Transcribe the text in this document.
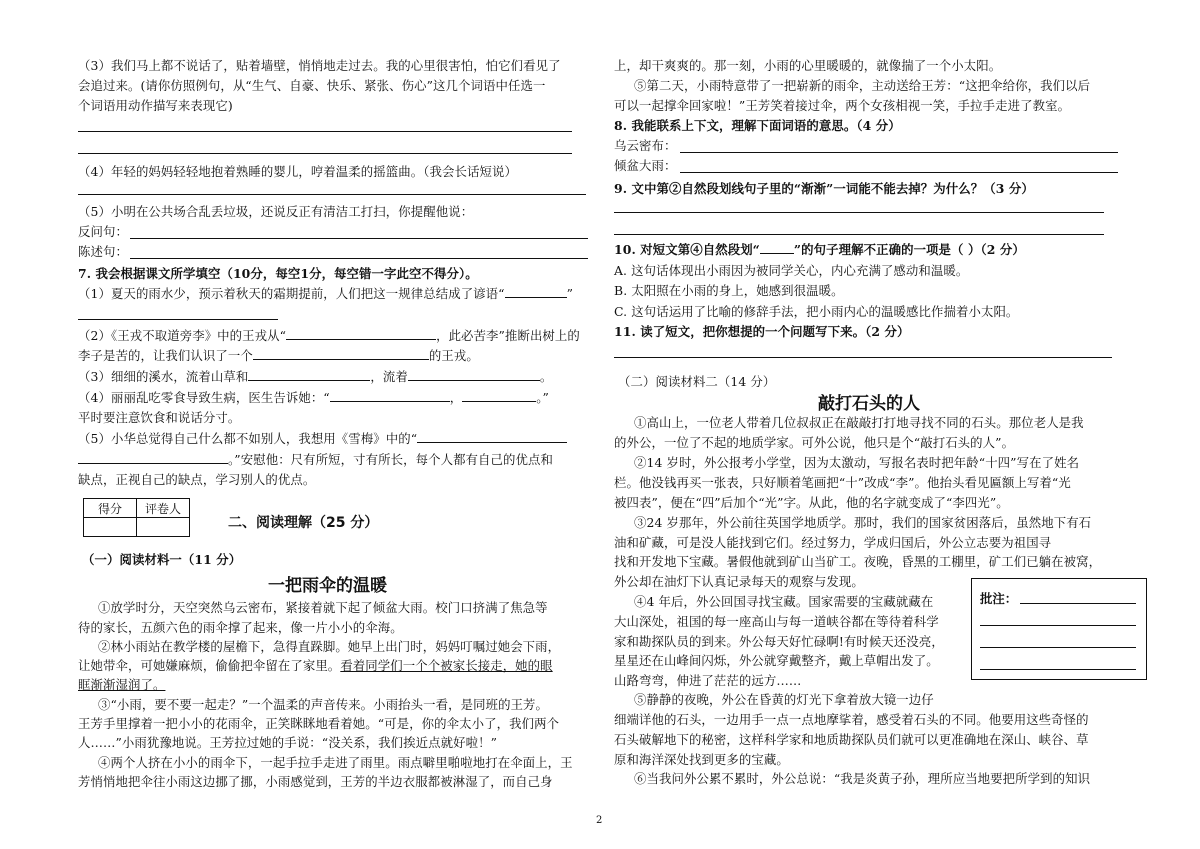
（3）我们马上都不说话了，贴着墙壁，悄悄地走过去。我的心里很害怕，怕它们看见了
会追过来。(请你仿照例句，从“生气、自豪、快乐、紧张、伤心”这几个词语中任选一
个词语用动作描写来表现它)
（4）年轻的妈妈轻轻地抱着熟睡的婴儿，哼着温柔的摇篮曲。（我会长话短说）
（5）小明在公共场合乱丢垃圾，还说反正有清洁工打扫，你提醒他说：
反问句：
陈述句：
7. 我会根据课文所学填空（10分，每空1分，每空错一字此空不得分）。
（1）夏天的雨水少，预示着秋天的霜期提前，人们把这一规律总结成了谚语“	”
（2）《王戎不取道旁李》中的王戎从“	，此必苦李”推断出树上的
李子是苦的，让我们认识了一个	的王戎。
（3）细细的溪水，流着山草和	，流着	。
（4）丽丽乱吃零食导致生病，医生告诉她：“	，	。”
平时要注意饮食和说话分寸。
（5）小华总觉得自己什么都不如别人，我想用《雪梅》中的“
。”安慰他：尺有所短，寸有所长，每个人都有自己的优点和
缺点，正视自己的缺点，学习别人的优点。
得分	评卷人

二、阅读理解（25 分）
（一）阅读材料一（11 分）
一把雨伞的温暖
①放学时分，天空突然乌云密布，紧接着就下起了倾盆大雨。校门口挤满了焦急等
待的家长，五颜六色的雨伞撑了起来，像一片小小的伞海。
②林小雨站在教学楼的屋檐下，急得直跺脚。她早上出门时，妈妈叮嘱过她会下雨，
让她带伞，可她嫌麻烦，偷偷把伞留在了家里。看着同学们一个个被家长接走，她的眼
眶渐渐湿润了。
③“小雨，要不要一起走？”一个温柔的声音传来。小雨抬头一看，是同班的王芳。
王芳手里撑着一把小小的花雨伞，正笑眯眯地看着她。“可是，你的伞太小了，我们两个
人……”小雨犹豫地说。王芳拉过她的手说：“没关系，我们挨近点就好啦！”
④两个人挤在小小的雨伞下，一起手拉手走进了雨里。雨点噼里啪啦地打在伞面上，王
芳悄悄地把伞往小雨这边挪了挪，小雨感觉到，王芳的半边衣服都被淋湿了，而自己身
上，却干爽爽的。那一刻，小雨的心里暖暖的，就像揣了一个小太阳。
⑤第二天，小雨特意带了一把崭新的雨伞，主动送给王芳：“这把伞给你，我们以后
可以一起撑伞回家啦！”王芳笑着接过伞，两个女孩相视一笑，手拉手走进了教室。
8. 我能联系上下文，理解下面词语的意思。（4 分）
乌云密布：
倾盆大雨：
9. 文中第②自然段划线句子里的“渐渐”一词能不能去掉？为什么？（3 分）
10. 对短文第④自然段划“	”的句子理解不正确的一项是（ ）（2 分）
A. 这句话体现出小雨因为被同学关心，内心充满了感动和温暖。
B. 太阳照在小雨的身上，她感到很温暖。
C. 这句话运用了比喻的修辞手法，把小雨内心的温暖感比作揣着小太阳。
11. 读了短文，把你想提的一个问题写下来。（2 分）
（二）阅读材料二（14 分）
敲打石头的人
①高山上，一位老人带着几位叔叔正在敲敲打打地寻找不同的石头。那位老人是我
的外公，一位了不起的地质学家。可外公说，他只是个“敲打石头的人”。
②14 岁时，外公报考小学堂，因为太激动，写报名表时把年龄“十四”写在了姓名
栏。他没钱再买一张表，只好顺着笔画把“十”改成“李”。他抬头看见匾额上写着“光
被四表”，便在“四”后加个“光”字。从此，他的名字就变成了“李四光”。
③24 岁那年，外公前往英国学地质学。那时，我们的国家贫困落后，虽然地下有石
油和矿藏，可是没人能找到它们。经过努力，学成归国后，外公立志要为祖国寻
找和开发地下宝藏。暑假他就到矿山当矿工。夜晚，昏黑的工棚里，矿工们已躺在被窝，
外公却在油灯下认真记录每天的观察与发现。
④4 年后，外公回国寻找宝藏。国家需要的宝藏就藏在
大山深处，祖国的每一座高山与每一道峡谷都在等待着科学
家和勘探队员的到来。外公每天好忙碌啊!有时候天还没亮，
星星还在山峰间闪烁，外公就穿戴整齐，戴上草帽出发了。
山路弯弯，伸进了茫茫的远方……
⑤静静的夜晚，外公在昏黄的灯光下拿着放大镜一边仔
细端详他的石头，一边用手一点一点地摩挲着，感受着石头的不同。他要用这些奇怪的
石头破解地下的秘密，这样科学家和地质勘探队员们就可以更准确地在深山、峡谷、草
原和海洋深处找到更多的宝藏。
⑥当我问外公累不累时，外公总说：“我是炎黄子孙，理所应当地要把所学到的知识
批注：
2
